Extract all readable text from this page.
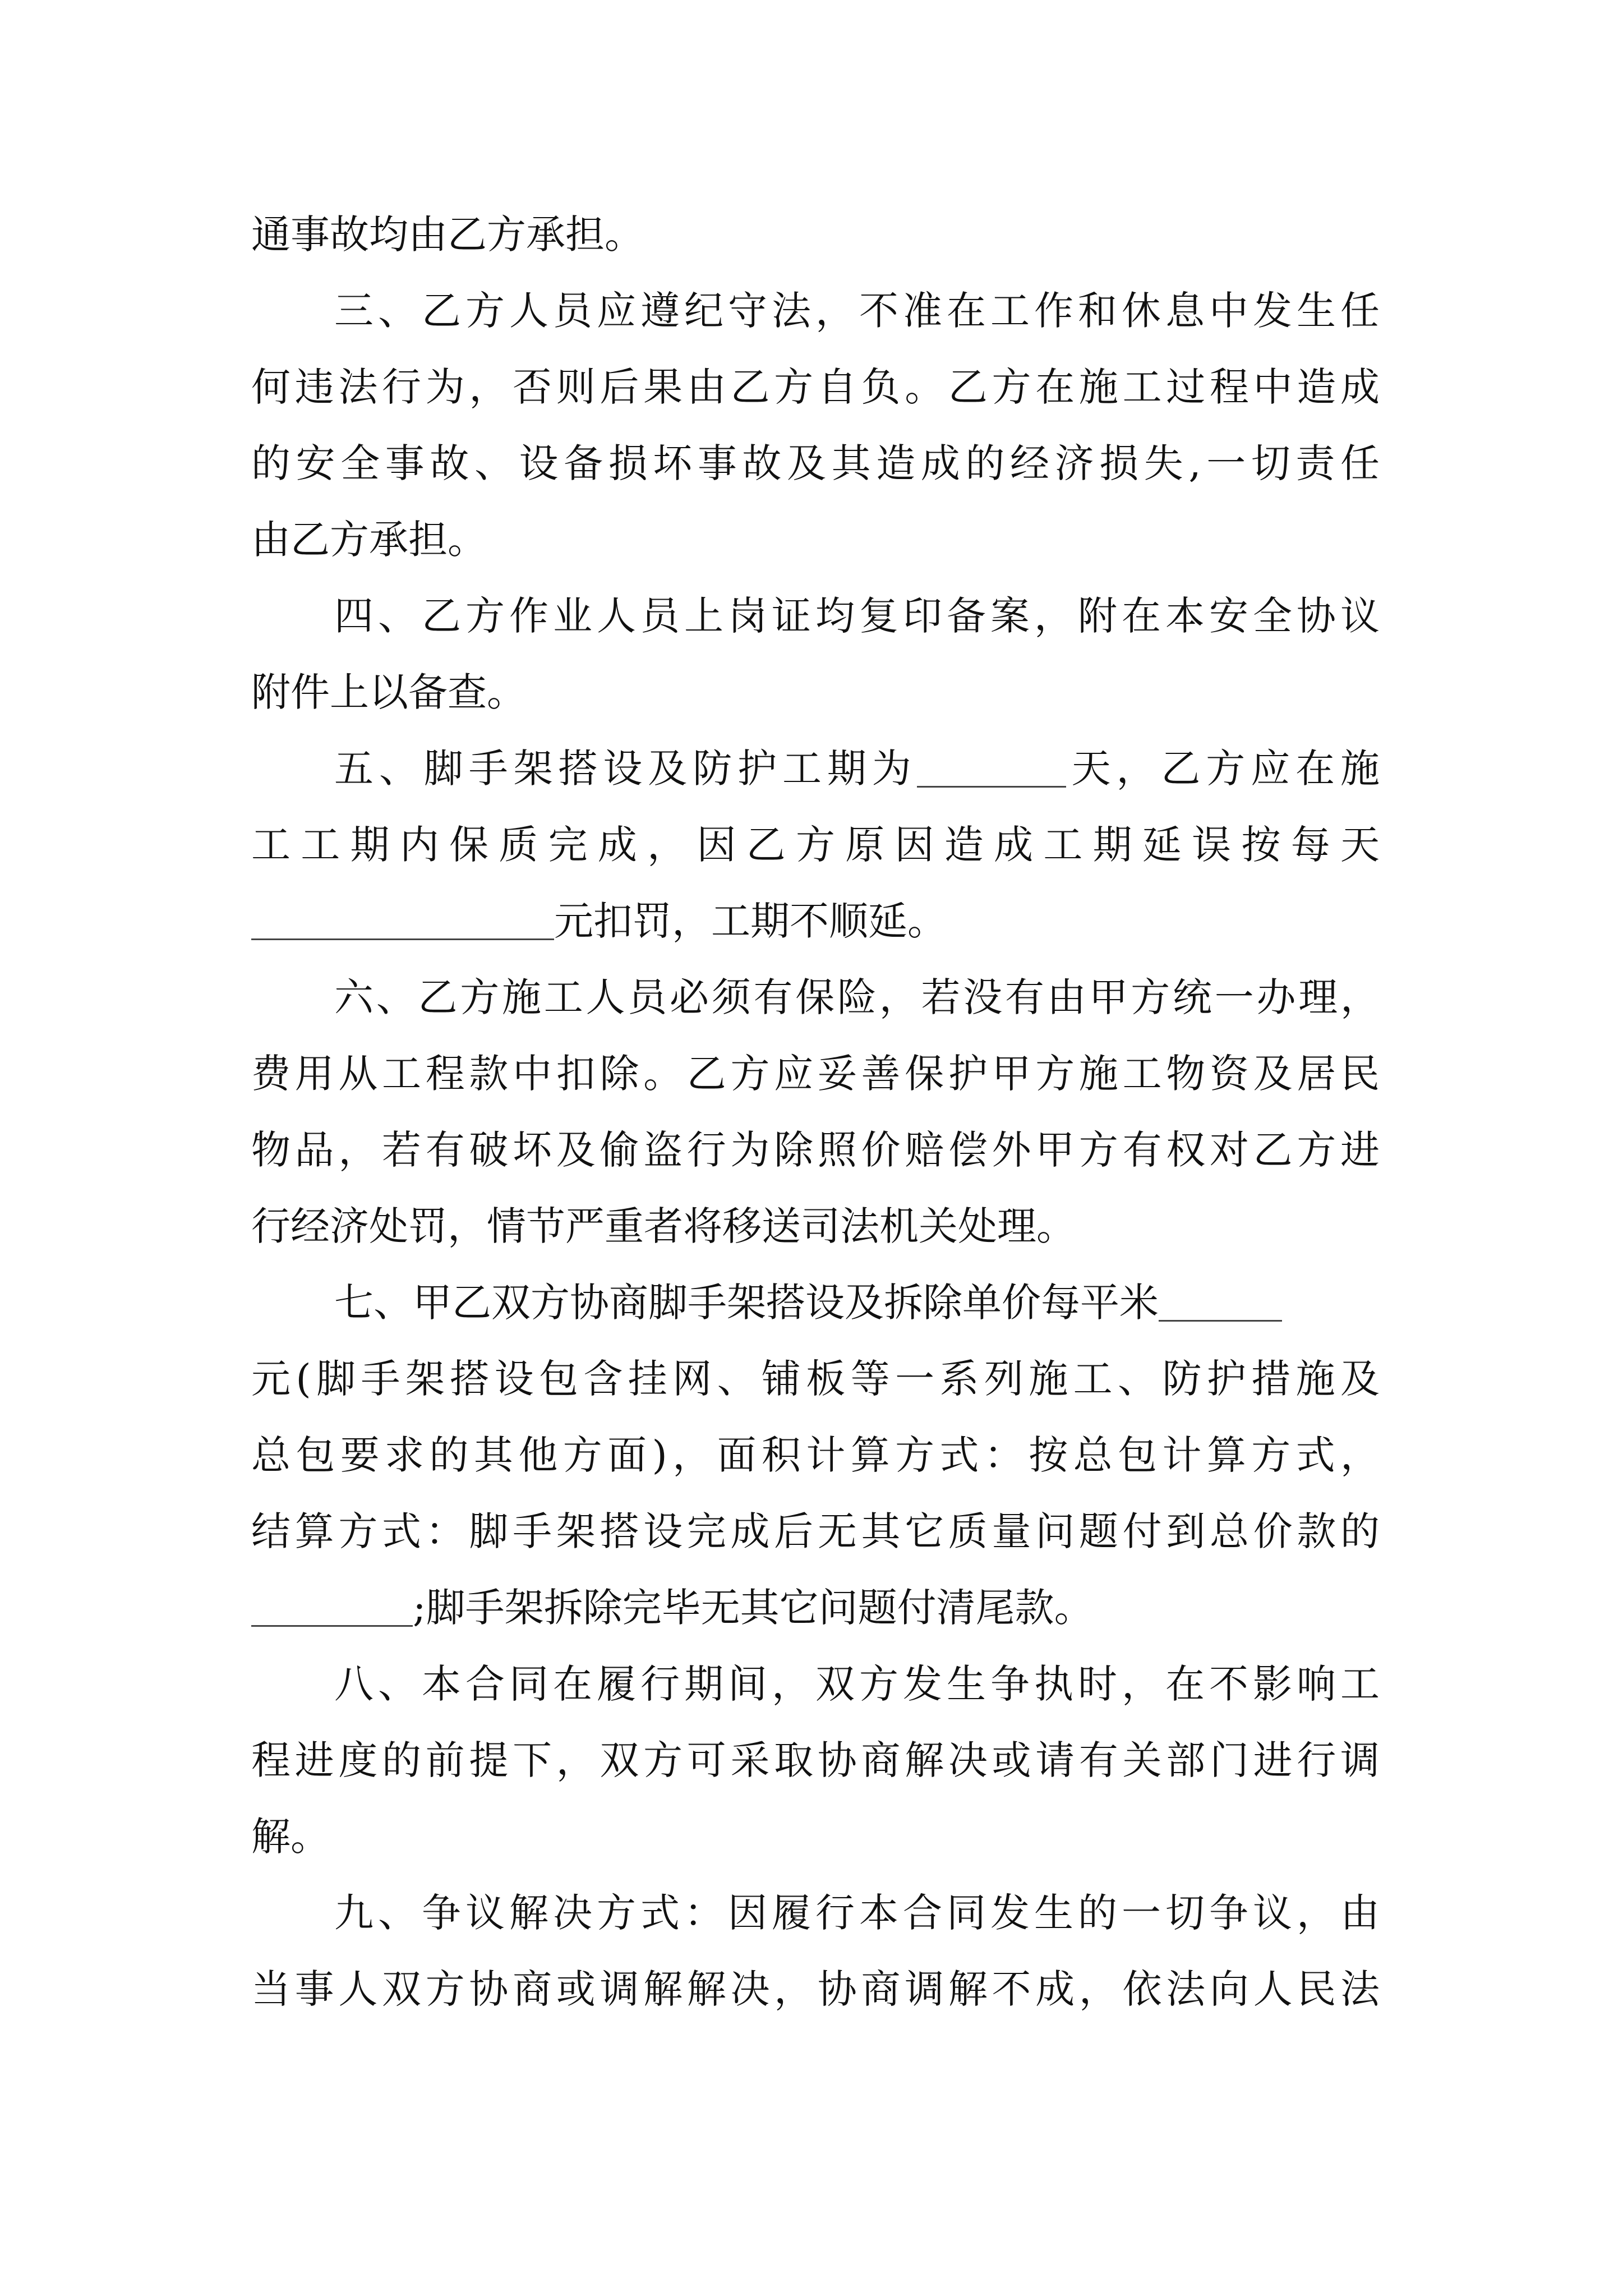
通事故均由乙方承担。
三、乙方人员应遵纪守法，不准在工作和休息中发生任
何违法行为，否则后果由乙方自负。乙方在施工过程中造成
的安全事故、设备损坏事故及其造成的经济损失,一切责任
由乙方承担。
四、乙方作业人员上岗证均复印备案，附在本安全协议
附件上以备查。
五、脚手架搭设及防护工期为	天，乙方应在施
工工期内保质完成，因乙方原因造成工期延误按每天
元扣罚，工期不顺延。
六、乙方施工人员必须有保险，若没有由甲方统一办理，
费用从工程款中扣除。乙方应妥善保护甲方施工物资及居民
物品，若有破坏及偷盗行为除照价赔偿外甲方有权对乙方进
行经济处罚，情节严重者将移送司法机关处理。
七、甲乙双方协商脚手架搭设及拆除单价每平米
元(脚手架搭设包含挂网、铺板等一系列施工、防护措施及
总包要求的其他方面)，面积计算方式：按总包计算方式，
结算方式：脚手架搭设完成后无其它质量问题付到总价款的
;脚手架拆除完毕无其它问题付清尾款。
八、本合同在履行期间，双方发生争执时，在不影响工
程进度的前提下，双方可采取协商解决或请有关部门进行调
解。
九、争议解决方式：因履行本合同发生的一切争议，由
当事人双方协商或调解解决，协商调解不成，依法向人民法
